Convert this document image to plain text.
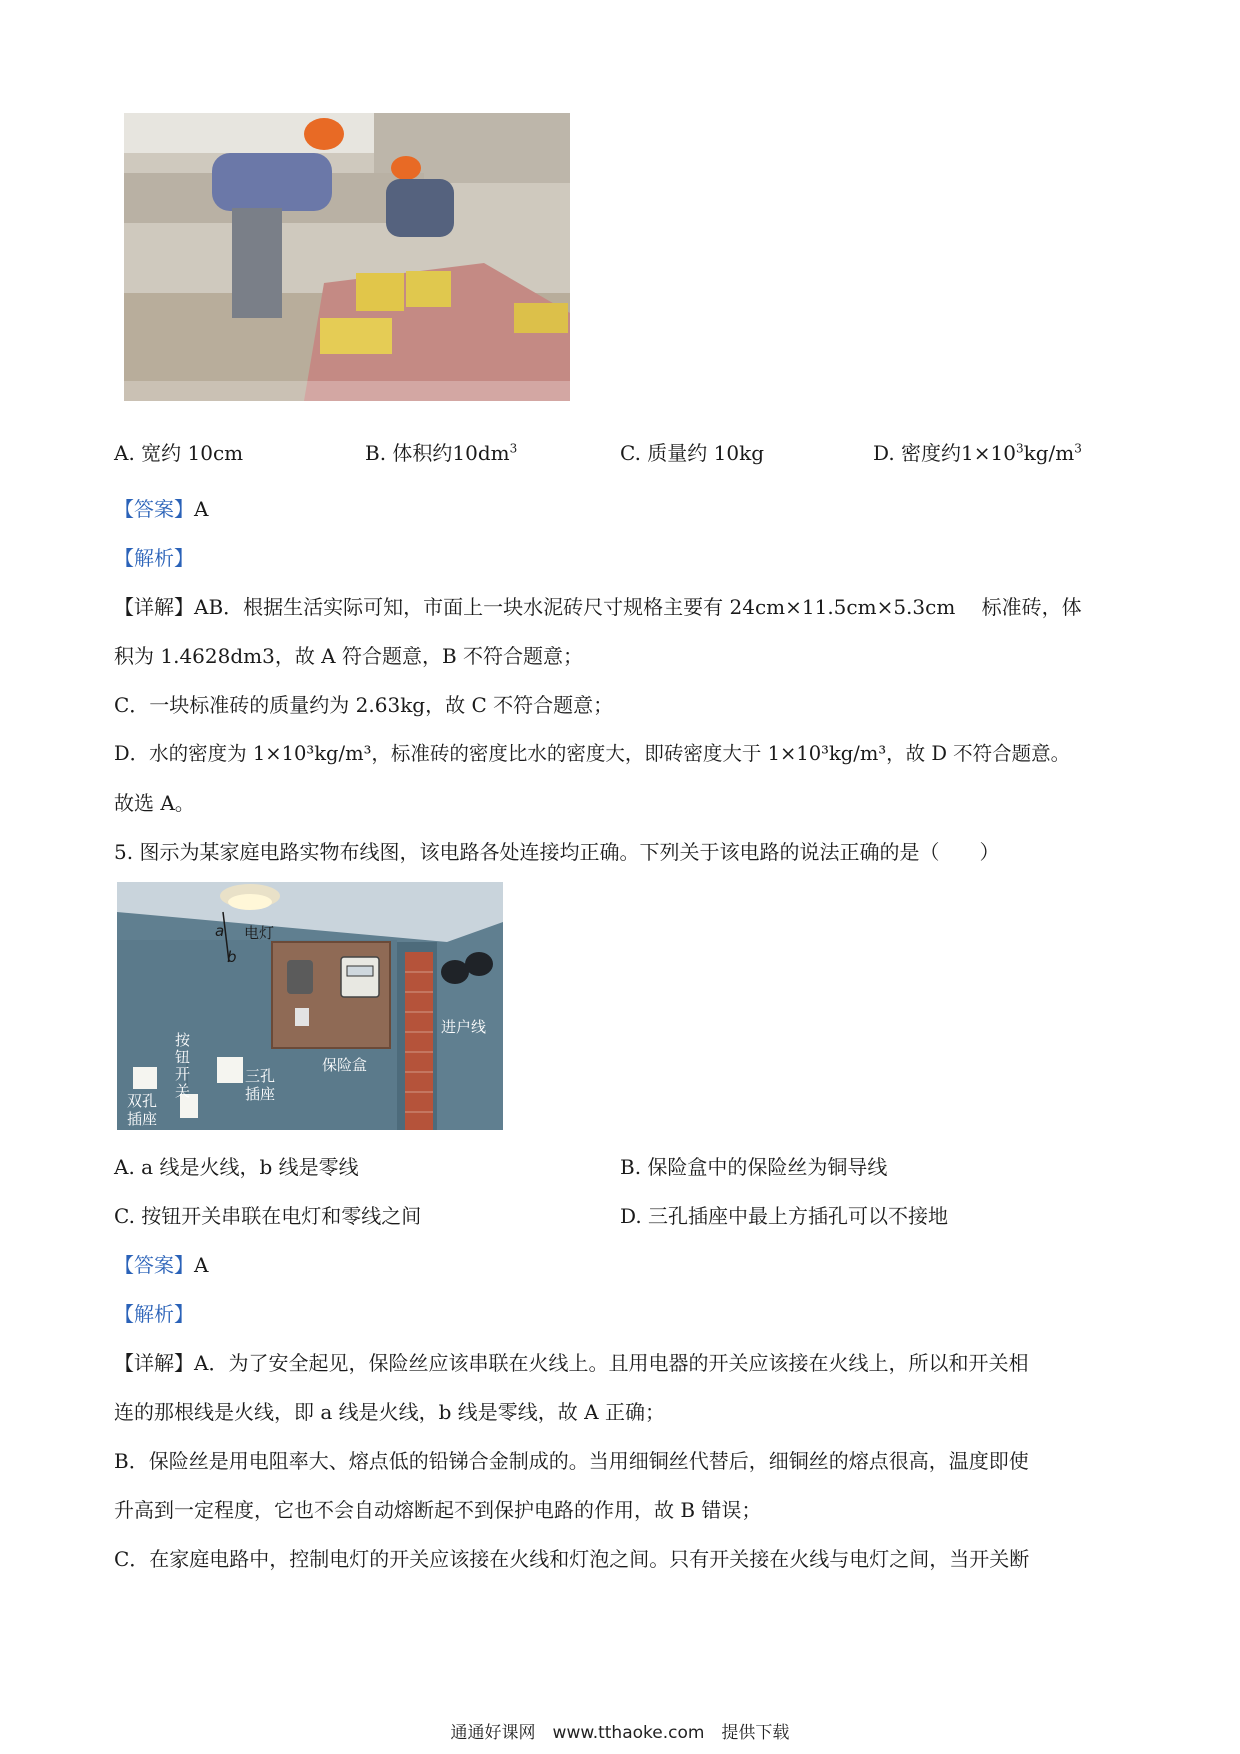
A. 宽约 10cm	B. 体积约$10dm^3$	C. 质量约 10kg	D. 密度约$1\times 10^3kg/m^3$
【答案】A
【解析】
【详解】AB．根据生活实际可知，市面上一块水泥砖尺寸规格主要有 24cm×11.5cm×5.3cm　 标准砖，体
积为 1.4628dm3，故 A 符合题意，B 不符合题意；
C．一块标准砖的质量约为 2.63kg，故 C 不符合题意；
D．水的密度为 1×10³kg/m³，标准砖的密度比水的密度大，即砖密度大于 1×10³kg/m³，故 D 不符合题意。
故选 A。
5. 图示为某家庭电路实物布线图，该电路各处连接均正确。下列关于该电路的说法正确的是（　　）
a 电灯
b
进户线
保险盒
按钮开关
三孔插座
双孔插座
A. a 线是火线，b 线是零线	B. 保险盒中的保险丝为铜导线
C. 按钮开关串联在电灯和零线之间	D. 三孔插座中最上方插孔可以不接地
【答案】A
【解析】
【详解】A．为了安全起见，保险丝应该串联在火线上。且用电器的开关应该接在火线上，所以和开关相
连的那根线是火线，即 a 线是火线，b 线是零线，故 A 正确；
B．保险丝是用电阻率大、熔点低的铅锑合金制成的。当用细铜丝代替后，细铜丝的熔点很高，温度即使
升高到一定程度，它也不会自动熔断起不到保护电路的作用，故 B 错误；
C．在家庭电路中，控制电灯的开关应该接在火线和灯泡之间。只有开关接在火线与电灯之间，当开关断
通通好课网　www.tthaoke.com　提供下载
